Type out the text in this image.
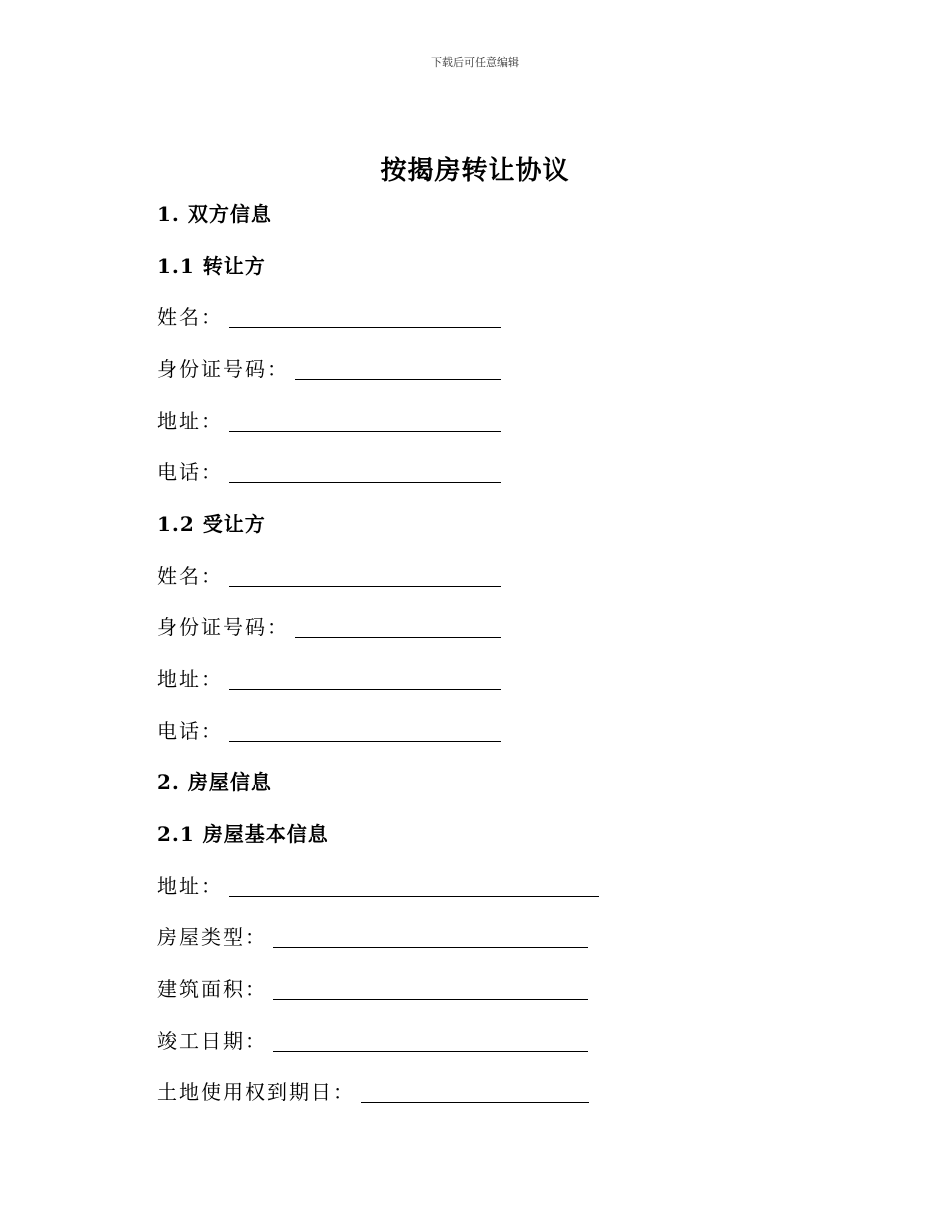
下载后可任意编辑
按揭房转让协议
1. 双方信息
1.1 转让方
姓名：
身份证号码：
地址：
电话：
1.2 受让方
姓名：
身份证号码：
地址：
电话：
2. 房屋信息
2.1 房屋基本信息
地址：
房屋类型：
建筑面积：
竣工日期：
土地使用权到期日：
